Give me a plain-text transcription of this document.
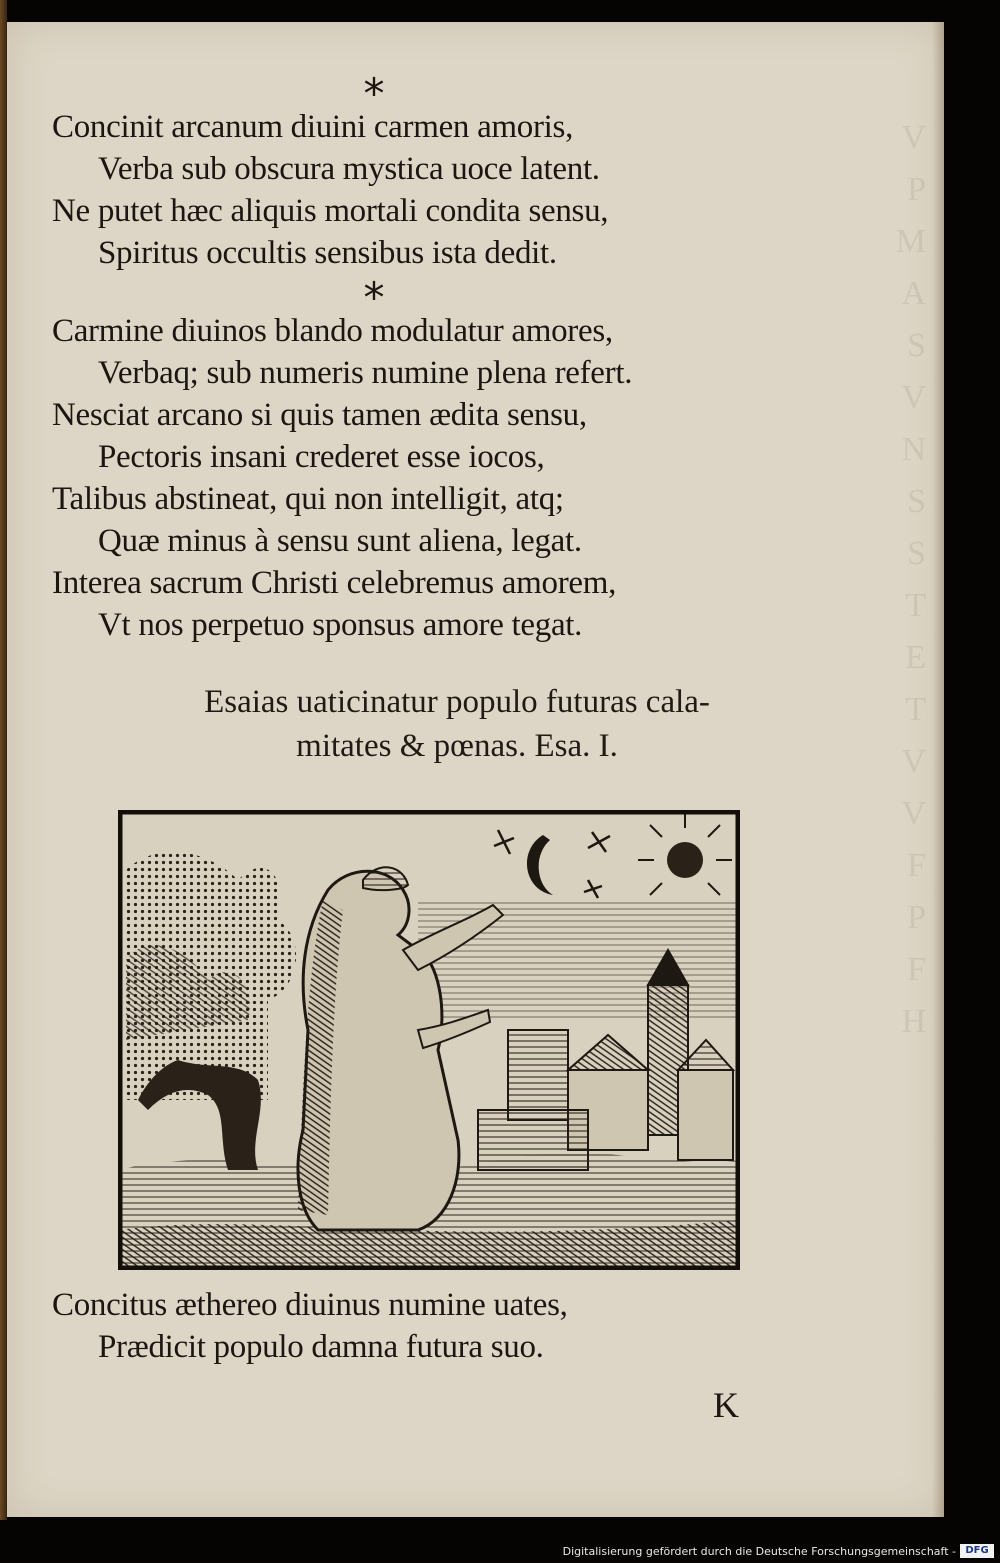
V
P
M
A
S
V
N
S
S
T
E
T
V
V
F
P
F
H
*
Concinit arcanum diuini carmen amoris,
Verba sub obscura mystica uoce latent.
Ne putet hæc aliquis mortali condita sensu,
Spiritus occultis sensibus ista dedit.
*
Carmine diuinos blando modulatur amores,
Verbaq; sub numeris numine plena refert.
Nesciat arcano si quis tamen ædita sensu,
Pectoris insani crederet esse iocos,
Talibus abstineat, qui non intelligit, atq;
Quæ minus à sensu sunt aliena, legat.
Interea sacrum Christi celebremus amorem,
Vt nos perpetuo sponsus amore tegat.
Esaias uaticinatur populo futuras cala-
mitates & pœnas. Esa. I.
Concitus æthereo diuinus numine uates,
Prædicit populo damna futura suo.
K
Digitalisierung gefördert durch die Deutsche Forschungsgemeinschaft - DFG
